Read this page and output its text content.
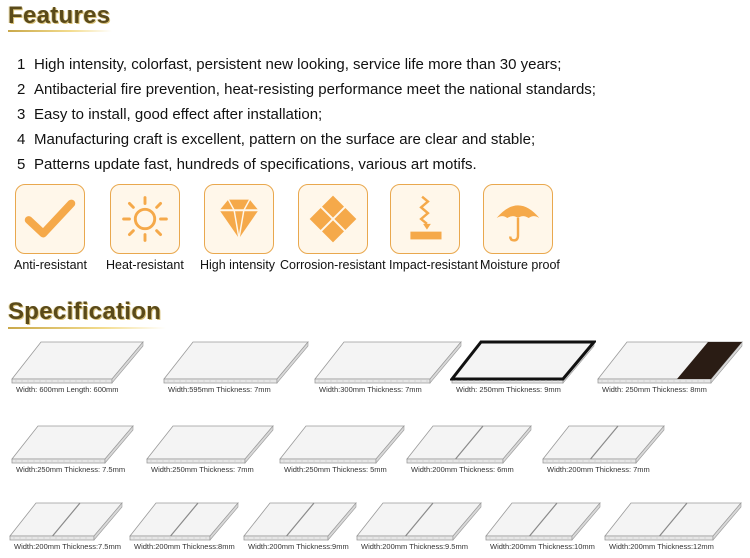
Features
1 High intensity, colorfast, persistent new looking, service life more than 30 years;
2 Antibacterial fire prevention, heat-resisting performance meet the national standards;
3 Easy to install, good effect after installation;
4 Manufacturing craft is excellent, pattern on the surface are clear and stable;
5 Patterns update fast, hundreds of specifications, various art motifs.
Anti-resistant Heat-resistant High intensity Corrosion-resistant Impact-resistant Moisture proof
Specification
Width: 600mm Length: 600mm	Width:595mm Thickness: 7mm	Width:300mm Thickness: 7mm	Width: 250mm Thickness: 9mm	Width: 250mm Thickness: 8mm
Width:250mm Thickness: 7.5mm	Width:250mm Thickness: 7mm	Width:250mm Thickness: 5mm	Width:200mm Thickness: 6mm	Width:200mm Thickness: 7mm
Width:200mm Thickness:7.5mm Width:200mm Thickness:8mm Width:200mm Thickness:9mm Width:200mm Thickness:9.5mm	Width:200mm Thickness:10mm Width:200mm Thickness:12mm
